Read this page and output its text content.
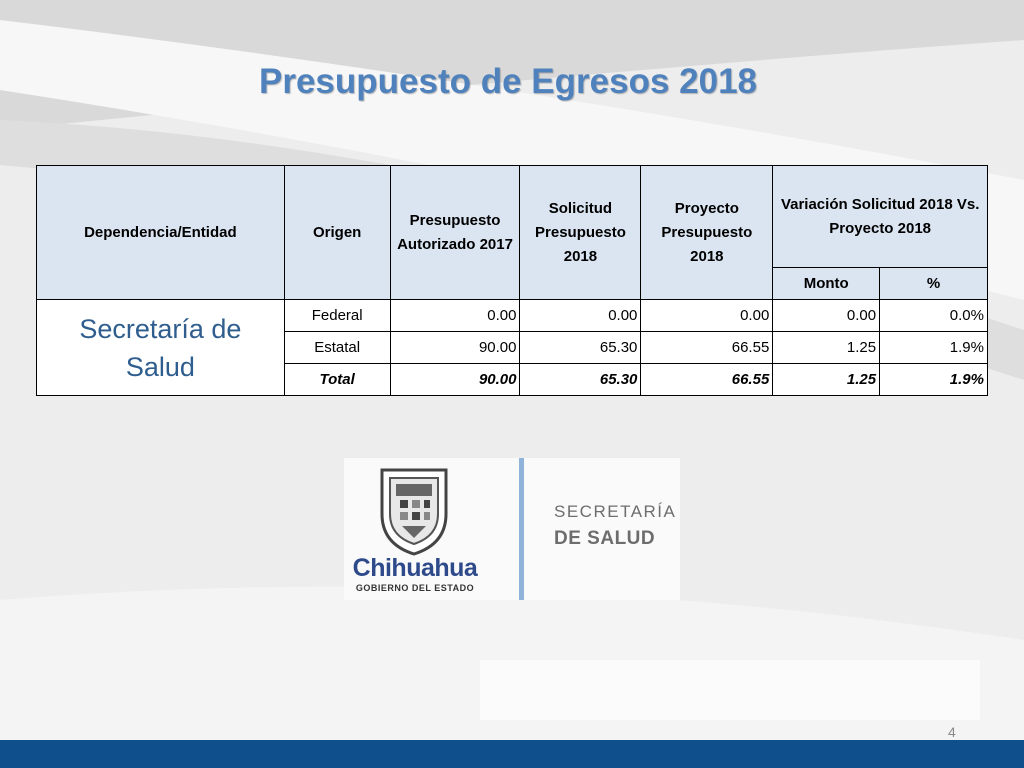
Presupuesto de Egresos 2018
Dependencia/Entidad	Origen	Presupuesto Autorizado 2017	Solicitud Presupuesto 2018	Proyecto Presupuesto 2018	Variación Solicitud 2018 Vs. Proyecto 2018	
					Monto	%
Secretaría de Salud	Federal	0.00	0.00	0.00	0.00	0.0%
	Estatal	90.00	65.30	66.55	1.25	1.9%
	Total	90.00	65.30	66.55	1.25	1.9%
Chihuahua
GOBIERNO DEL ESTADO
SECRETARÍA
DE SALUD
4
